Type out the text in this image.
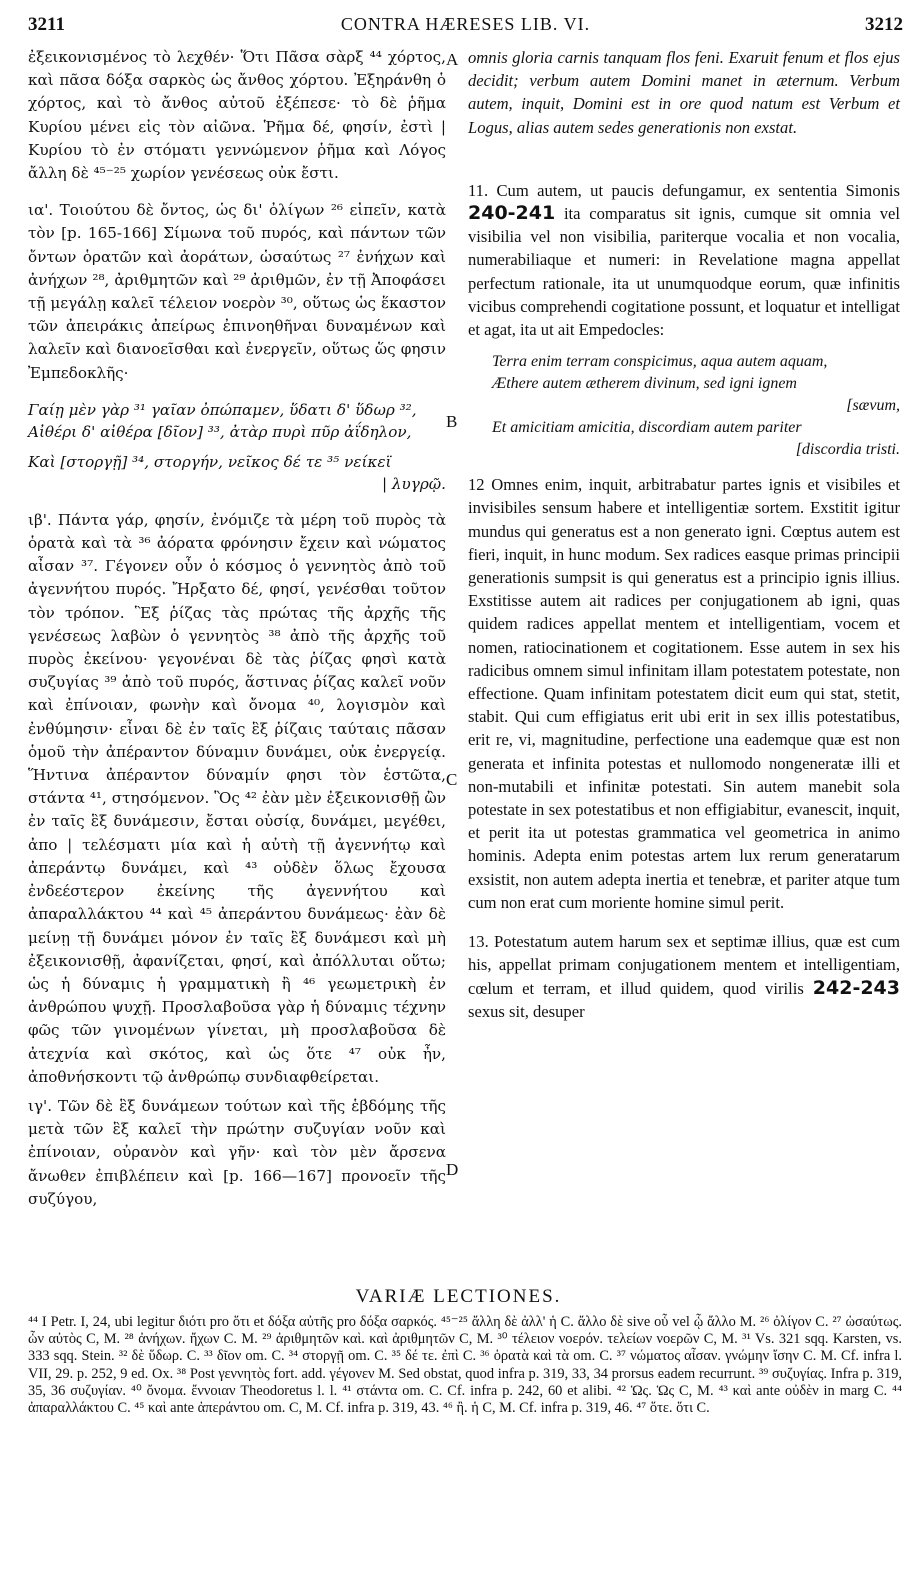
3211	CONTRA HÆRESES LIB. VI.	3212

ἐξεικονισμένος τὸ λεχθέν· Ὅτι Πᾶσα σὰρξ ⁴⁴ χόρτος, καὶ πᾶσα δόξα σαρκὸς ὡς ἄνθος χόρτου. Ἐξηράνθη ὁ χόρτος, καὶ τὸ ἄνθος αὐτοῦ ἐξέπεσε· τὸ δὲ ῥῆμα Κυρίου μένει εἰς τὸν αἰῶνα. Ῥῆμα δέ, φησίν, ἐστὶ | Κυρίου τὸ ἐν στόματι γεννώμενον ῥῆμα καὶ Λόγος ἄλλη δὲ ⁴⁵⁻²⁵ χωρίον γενέσεως οὐκ ἔστι.

ια'. Τοιούτου δὲ ὄντος, ὡς δι' ὀλίγων ²⁶ εἰπεῖν, κατὰ τὸν [p. 165-166] Σίμωνα τοῦ πυρός, καὶ πάντων τῶν ὄντων ὁρατῶν καὶ ἀοράτων, ὡσαύτως ²⁷ ἐνήχων καὶ ἀνήχων ²⁸, ἀριθμητῶν καὶ ²⁹ ἀριθμῶν, ἐν τῇ Ἀποφάσει τῇ μεγάλῃ καλεῖ τέλειον νοερὸν ³⁰, οὕτως ὡς ἕκαστον τῶν ἀπειράκις ἀπείρως ἐπινοηθῆναι δυναμένων καὶ λαλεῖν καὶ διανοεῖσθαι καὶ ἐνεργεῖν, οὕτως ὥς φησιν Ἐμπεδοκλῆς·

Γαίῃ μὲν γὰρ ³¹ γαῖαν ὀπώπαμεν, ὕδατι δ' ὕδωρ ³²,
Αἰθέρι δ' αἰθέρα [δῖον] ³³, ἀτὰρ πυρὶ πῦρ ἀΐδηλον,
Καὶ [στοργῇ] ³⁴, στοργήν, νεῖκος δέ τε ³⁵ νείκεϊ
| λυγρῷ.

ιβ'. Πάντα γάρ, φησίν, ἐνόμιζε τὰ μέρη τοῦ πυρὸς τὰ ὁρατὰ καὶ τὰ ³⁶ ἀόρατα φρόνησιν ἔχειν καὶ νώματος αἶσαν ³⁷. Γέγονεν οὖν ὁ κόσμος ὁ γεννητὸς ἀπὸ τοῦ ἀγεννήτου πυρός. Ἤρξατο δέ, φησί, γενέσθαι τοῦτον τὸν τρόπον. Ἓξ ῥίζας τὰς πρώτας τῆς ἀρχῆς τῆς γενέσεως λαβὼν ὁ γεννητὸς ³⁸ ἀπὸ τῆς ἀρχῆς τοῦ πυρὸς ἐκείνου· γεγονέναι δὲ τὰς ῥίζας φησὶ κατὰ συζυγίας ³⁹ ἀπὸ τοῦ πυρός, ἅστινας ῥίζας καλεῖ νοῦν καὶ ἐπίνοιαν, φωνὴν καὶ ὄνομα ⁴⁰, λογισμὸν καὶ ἐνθύμησιν· εἶναι δὲ ἐν ταῖς ἓξ ῥίζαις ταύταις πᾶσαν ὁμοῦ τὴν ἀπέραντον δύναμιν δυνάμει, οὐκ ἐνεργείᾳ. Ἥντινα ἀπέραντον δύναμίν φησι τὸν ἑστῶτα, στάντα ⁴¹, στησόμενον. Ὃς ⁴² ἐὰν μὲν ἐξεικονισθῇ ὢν ἐν ταῖς ἓξ δυνάμεσιν, ἔσται οὐσίᾳ, δυνάμει, μεγέθει, ἀπο | τελέσματι μία καὶ ἡ αὐτὴ τῇ ἀγεννήτῳ καὶ ἀπεράντῳ δυνάμει, καὶ ⁴³ οὐδὲν ὅλως ἔχουσα ἐνδεέστερον ἐκείνης τῆς ἀγεννήτου καὶ ἀπαραλλάκτου ⁴⁴ καὶ ⁴⁵ ἀπεράντου δυνάμεως· ἐὰν δὲ μείνῃ τῇ δυνάμει μόνον ἐν ταῖς ἓξ δυνάμεσι καὶ μὴ ἐξεικονισθῇ, ἀφανίζεται, φησί, καὶ ἀπόλλυται οὕτω; ὡς ἡ δύναμις ἡ γραμματικὴ ἢ ⁴⁶ γεωμετρικὴ ἐν ἀνθρώπου ψυχῇ. Προσλαβοῦσα γὰρ ἡ δύναμις τέχνην φῶς τῶν γινομένων γίνεται, μὴ προσλαβοῦσα δὲ ἀτεχνία καὶ σκότος, καὶ ὡς ὅτε ⁴⁷ οὐκ ἦν, ἀποθνήσκοντι τῷ ἀνθρώπῳ συνδιαφθείρεται.

ιγ'. Τῶν δὲ ἓξ δυνάμεων τούτων καὶ τῆς ἑβδόμης τῆς μετὰ τῶν ἓξ καλεῖ τὴν πρώτην συζυγίαν νοῦν καὶ ἐπίνοιαν, οὐρανὸν καὶ γῆν· καὶ τὸν μὲν ἄρσενα ἄνωθεν ἐπιβλέπειν καὶ [p. 166—167] προνοεῖν τῆς συζύγου,

A
B
C
D

omnis gloria carnis tanquam flos feni. Exaruit fenum et flos ejus decidit; verbum autem Domini manet in æternum. Verbum autem, inquit, Domini est in ore quod natum est Verbum et Logus, alias autem sedes generationis non exstat.

11. Cum autem, ut paucis defungamur, ex sententia Simonis 240-241 ita comparatus sit ignis, cumque sit omnia vel visibilia vel non visibilia, pariterque vocalia et non vocalia, numerabiliaque et numeri: in Revelatione magna appellat perfectum rationale, ita ut unumquodque eorum, quæ infinitis vicibus comprehendi cogitatione possunt, et loquatur et intelligat et agat, ita ut ait Empedocles:

Terra enim terram conspicimus, aqua autem aquam,
Æthere autem ætherem divinum, sed igni ignem
[sævum,
Et amicitiam amicitia, discordiam autem pariter
[discordia tristi.

12 Omnes enim, inquit, arbitrabatur partes ignis et visibiles et invisibiles sensum habere et intelligentiæ sortem. Exstitit igitur mundus qui generatus est a non generato igni. Cœptus autem est fieri, inquit, in hunc modum. Sex radices easque primas principii generationis sumpsit is qui generatus est a principio ignis illius. Exstitisse autem ait radices per conjugationem ab igni, quas quidem radices appellat mentem et intelligentiam, vocem et nomen, ratiocinationem et cogitationem. Esse autem in sex his radicibus omnem simul infinitam illam potestatem potestate, non effectione. Quam infinitam potestatem dicit eum qui stat, stetit, stabit. Qui cum effigiatus erit ubi erit in sex illis potestatibus, erit re, vi, magnitudine, perfectione una eademque quæ est non generata et infinita potestas et nullomodo nongeneratæ illi et non-mutabili et infinitæ potestati. Sin autem manebit sola potestate in sex potestatibus et non effigiabitur, evanescit, inquit, et perit ita ut potestas grammatica vel geometrica in animo hominis. Adepta enim potestas artem lux rerum generatarum exsistit, non autem adepta inertia et tenebræ, et pariter atque tum cum non erat cum moriente homine simul perit.

13. Potestatum autem harum sex et septimæ illius, quæ est cum his, appellat primam conjugationem mentem et intelligentiam, cœlum et terram, et illud quidem, quod virilis 242-243 sexus sit, desuper

VARIÆ LECTIONES.

⁴⁴ I Petr. I, 24, ubi legitur διότι pro ὅτι et δόξα αὐτῆς pro δόξα σαρκός. ⁴⁵⁻²⁵ ἄλλη δὲ ἀλλ' ἡ C. ἄλλο δὲ sive οὗ vel ᾧ ἄλλο M. ²⁶ ὀλίγον C. ²⁷ ὡσαύτως. ὧν αὐτὸς C, M. ²⁸ ἀνήχων. ἤχων C. M. ²⁹ ἀριθμητῶν καὶ. καὶ ἀριθμητῶν C, M. ³⁰ τέλειον νοερόν. τελείων νοερῶν C, M. ³¹ Vs. 321 sqq. Karsten, vs. 333 sqq. Stein. ³² δὲ ὕδωρ. C. ³³ δῖον om. C. ³⁴ στοργῇ om. C. ³⁵ δέ τε. ἐπὶ C. ³⁶ ὁρατὰ καὶ τὰ om. C. ³⁷ νώματος αἶσαν. γνώμην ἴσην C. M. Cf. infra l. VII, 29. p. 252, 9 ed. Ox. ³⁸ Post γεννητὸς fort. add. γέγονεν M. Sed obstat, quod infra p. 319, 33, 34 prorsus eadem recurrunt. ³⁹ συζυγίας. Infra p. 319, 35, 36 συζυγίαν. ⁴⁰ ὄνομα. ἔννοιαν Theodoretus l. l. ⁴¹ στάντα om. C. Cf. infra p. 242, 60 et alibi. ⁴² Ὡς. Ὡς C, M. ⁴³ καὶ ante οὐδὲν in marg C. ⁴⁴ ἀπαραλλάκτου C. ⁴⁵ καὶ ante ἀπεράντου om. C, M. Cf. infra p. 319, 43. ⁴⁶ ἢ. ἡ C, M. Cf. infra p. 319, 46. ⁴⁷ ὅτε. ὅτι C.
